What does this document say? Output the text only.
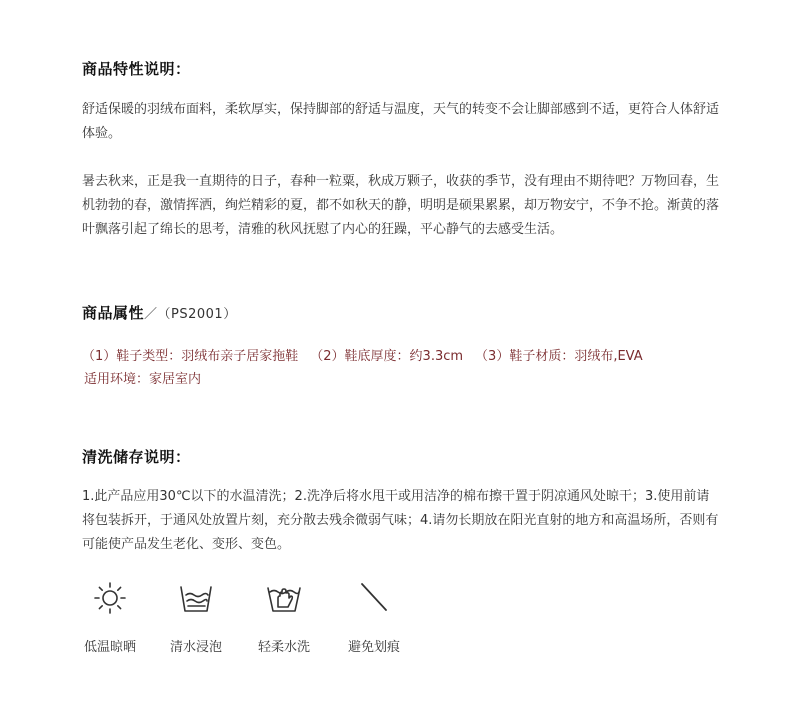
商品特性说明：
舒适保暖的羽绒布面料，柔软厚实，保持脚部的舒适与温度，天气的转变不会让脚部感到不适，更符合人体舒适体验。
暑去秋来，正是我一直期待的日子，春种一粒粟，秋成万颗子，收获的季节，没有理由不期待吧？万物回春，生机勃勃的春，激情挥洒，绚烂精彩的夏，都不如秋天的静，明明是硕果累累，却万物安宁，不争不抢。渐黄的落叶飘落引起了绵长的思考，清雅的秋风抚慰了内心的狂躁，平心静气的去感受生活。
商品属性／（PS2001）
（1）鞋子类型：羽绒布亲子居家拖鞋 （2）鞋底厚度：约3.3cm （3）鞋子材质：羽绒布,EVA
适用环境：家居室内
清洗储存说明：
1.此产品应用30℃以下的水温清洗；2.洗净后将水甩干或用洁净的棉布擦干置于阴凉通风处晾干；3.使用前请将包装拆开，于通风处放置片刻，充分散去残余微弱气味；4.请勿长期放在阳光直射的地方和高温场所，否则有可能使产品发生老化、变形、变色。
低温晾晒	清水浸泡	轻柔水洗	避免划痕
